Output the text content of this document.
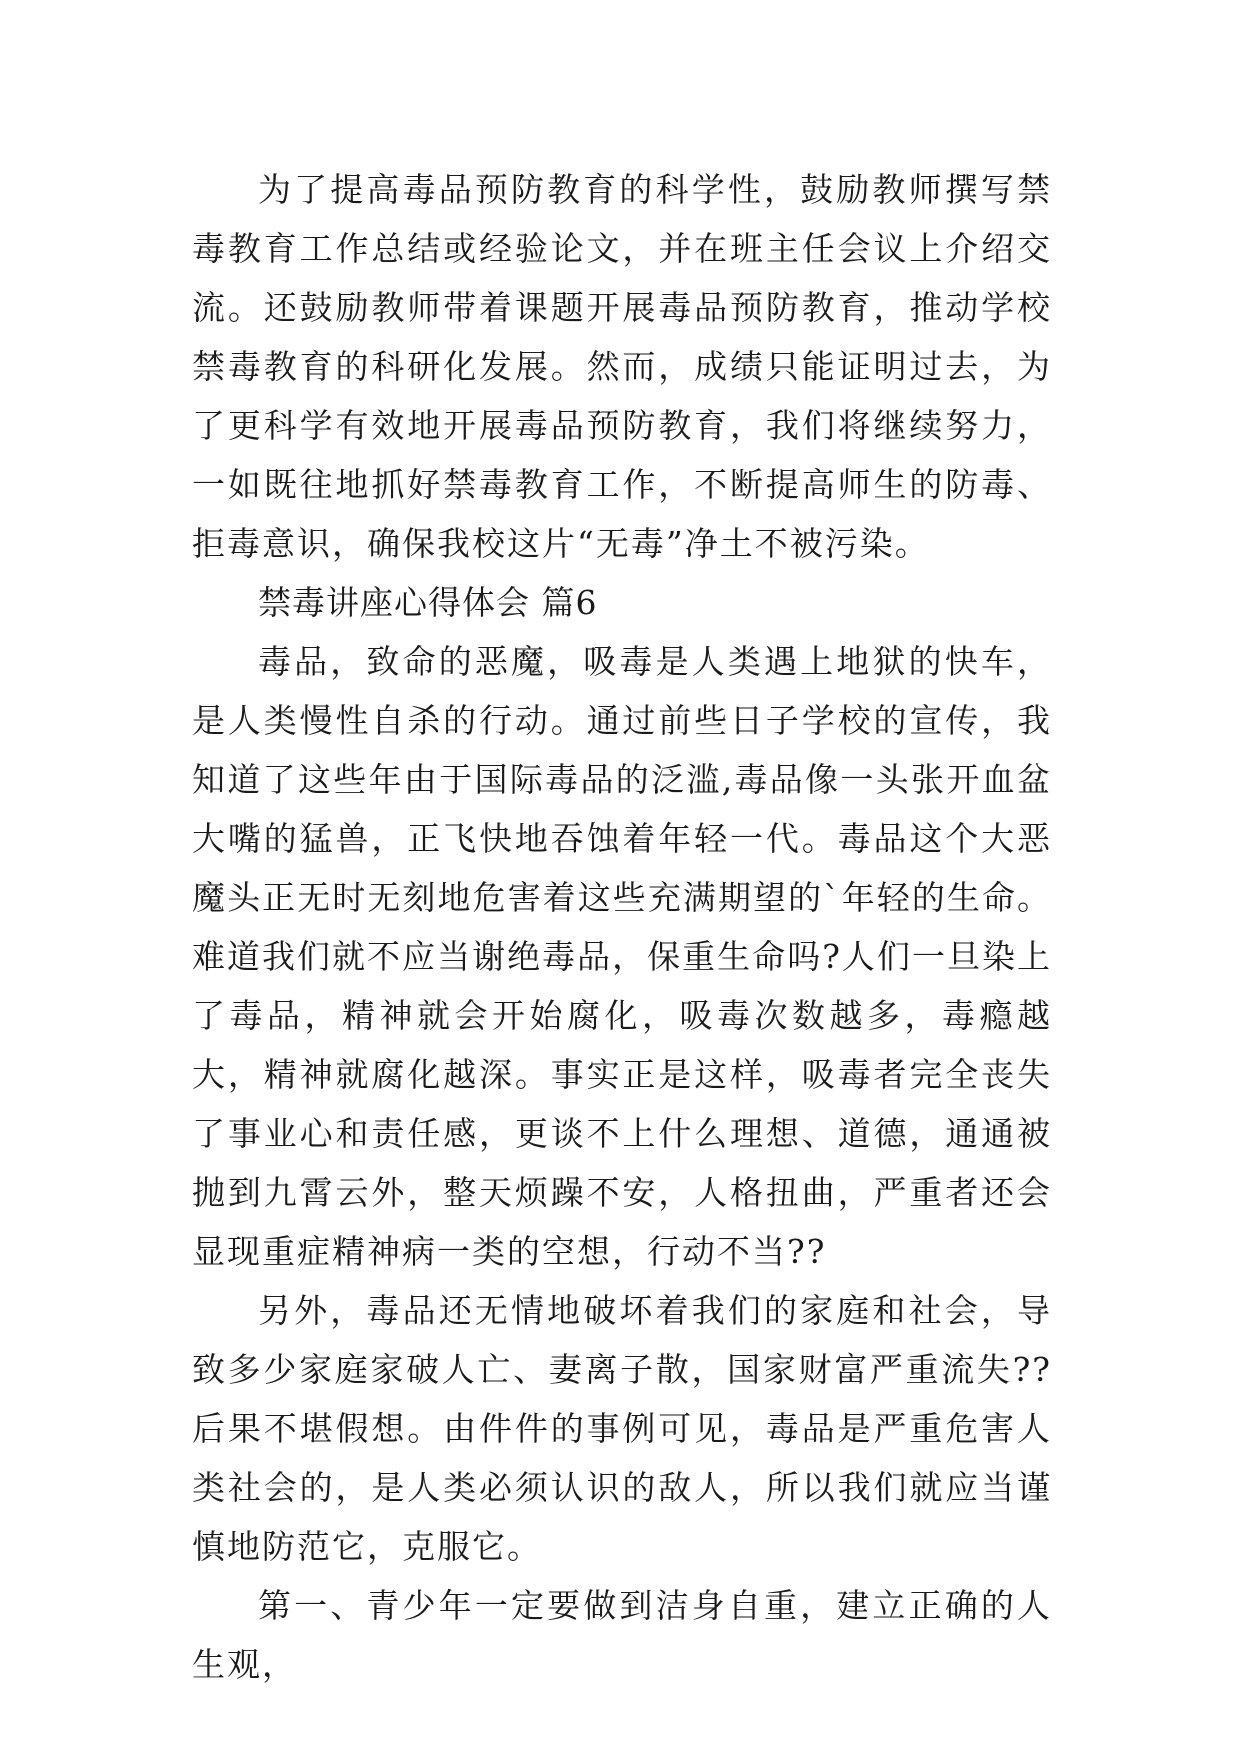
为了提高毒品预防教育的科学性，鼓励教师撰写禁毒教育工作总结或经验论文，并在班主任会议上介绍交流。还鼓励教师带着课题开展毒品预防教育，推动学校禁毒教育的科研化发展。然而，成绩只能证明过去，为了更科学有效地开展毒品预防教育，我们将继续努力，一如既往地抓好禁毒教育工作，不断提高师生的防毒、拒毒意识，确保我校这片“无毒”净土不被污染。

禁毒讲座心得体会 篇6

毒品，致命的恶魔，吸毒是人类遇上地狱的快车，是人类慢性自杀的行动。通过前些日子学校的宣传，我知道了这些年由于国际毒品的泛滥,毒品像一头张开血盆大嘴的猛兽，正飞快地吞蚀着年轻一代。毒品这个大恶魔头正无时无刻地危害着这些充满期望的`年轻的生命。难道我们就不应当谢绝毒品，保重生命吗?人们一旦染上了毒品，精神就会开始腐化，吸毒次数越多，毒瘾越大，精神就腐化越深。事实正是这样，吸毒者完全丧失了事业心和责任感，更谈不上什么理想、道德，通通被抛到九霄云外，整天烦躁不安，人格扭曲，严重者还会显现重症精神病一类的空想，行动不当??

另外，毒品还无情地破坏着我们的家庭和社会，导致多少家庭家破人亡、妻离子散，国家财富严重流失??后果不堪假想。由件件的事例可见，毒品是严重危害人类社会的，是人类必须认识的敌人，所以我们就应当谨慎地防范它，克服它。

第一、青少年一定要做到洁身自重，建立正确的人生观，
